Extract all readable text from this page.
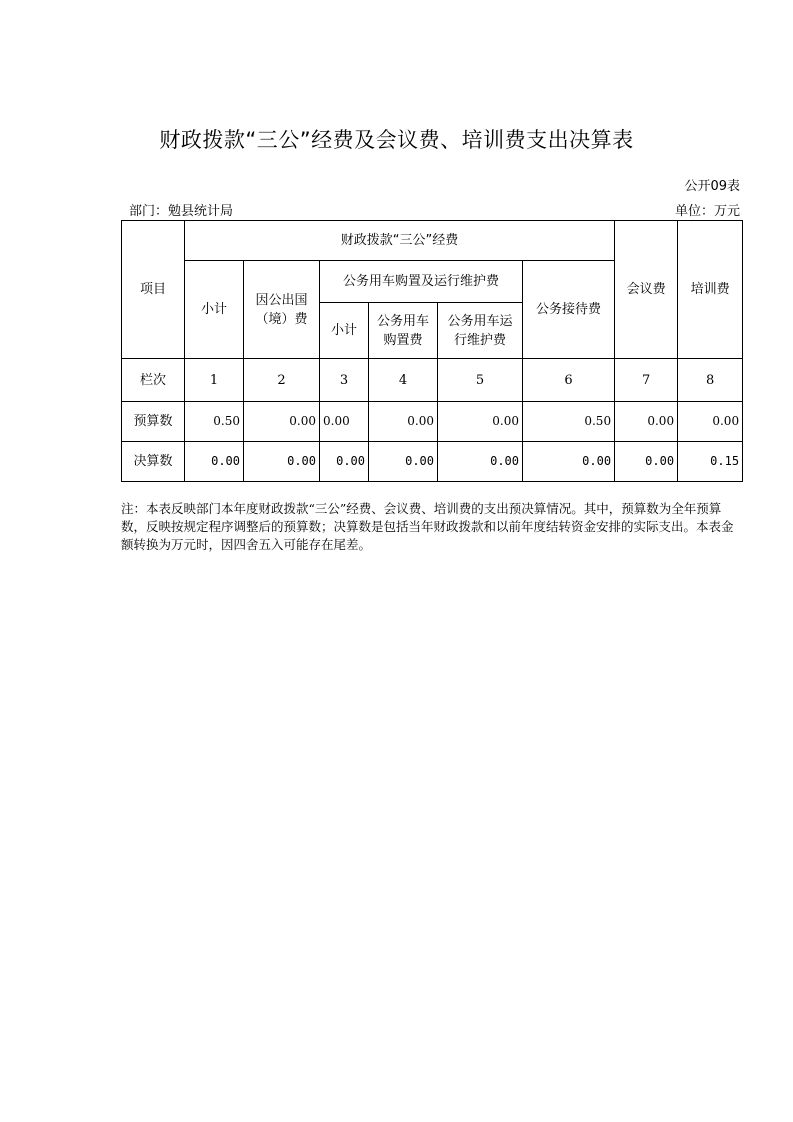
财政拨款“三公”经费及会议费、培训费支出决算表
公开09表
部门：勉县统计局	单位：万元
项目	财政拨款“三公”经费						会议费	培训费
	小计	因公出国（境）费	公务用车购置及运行维护费			公务接待费		
			小计	公务用车购置费	公务用车运行维护费			
栏次	1	2	3	4	5	6	7	8
预算数	0.50	0.00	0.00	0.00	0.00	0.50	0.00	0.00
决算数	0.00	0.00	0.00	0.00	0.00	0.00	0.00	0.15
注：本表反映部门本年度财政拨款“三公”经费、会议费、培训费的支出预决算情况。其中，预算数为全年预算数，反映按规定程序调整后的预算数；决算数是包括当年财政拨款和以前年度结转资金安排的实际支出。本表金额转换为万元时，因四舍五入可能存在尾差。
